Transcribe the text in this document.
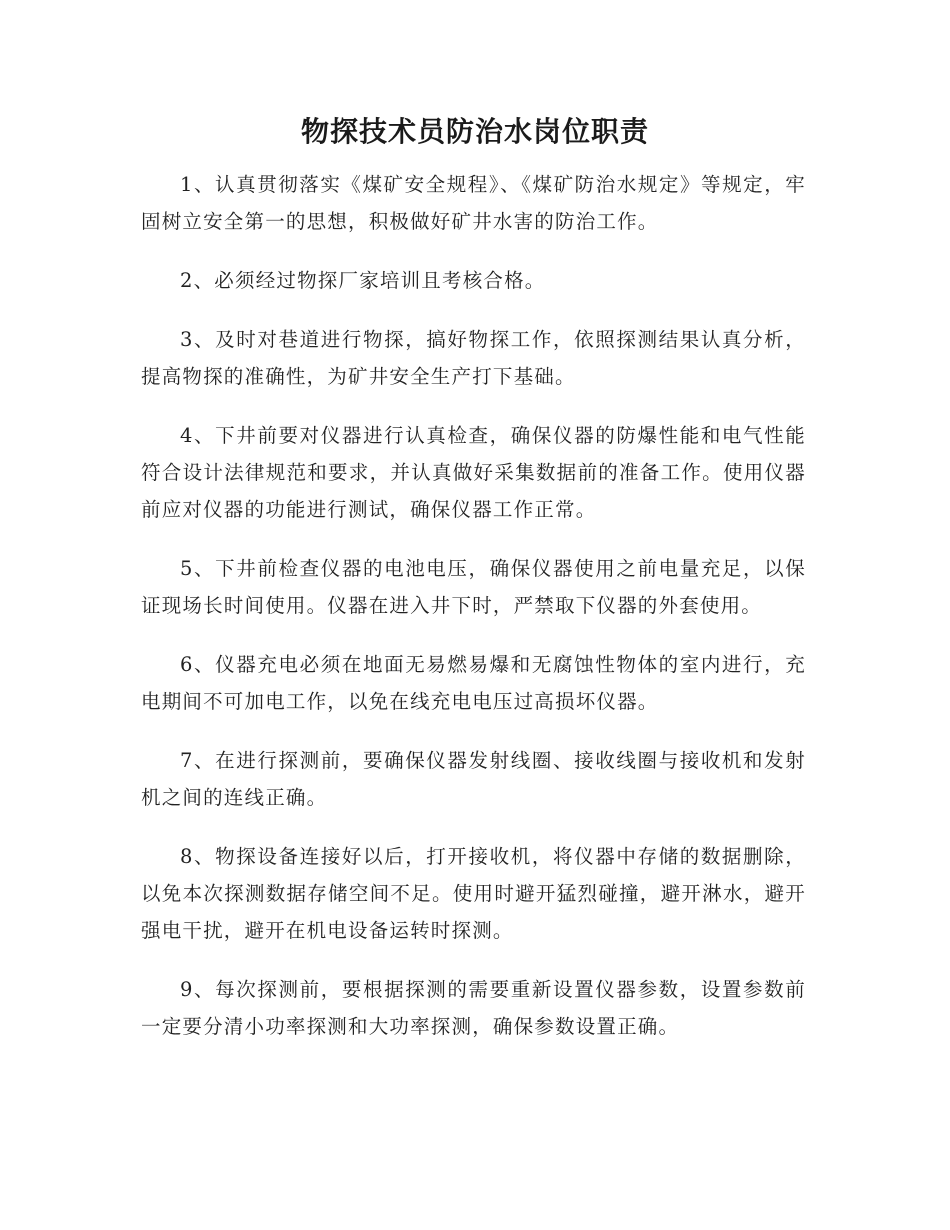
物探技术员防治水岗位职责

1、认真贯彻落实《煤矿安全规程》、《煤矿防治水规定》等规定，牢固树立安全第一的思想，积极做好矿井水害的防治工作。

2、必须经过物探厂家培训且考核合格。

3、及时对巷道进行物探，搞好物探工作，依照探测结果认真分析，提高物探的准确性，为矿井安全生产打下基础。

4、下井前要对仪器进行认真检查，确保仪器的防爆性能和电气性能符合设计法律规范和要求，并认真做好采集数据前的准备工作。使用仪器前应对仪器的功能进行测试，确保仪器工作正常。

5、下井前检查仪器的电池电压，确保仪器使用之前电量充足，以保证现场长时间使用。仪器在进入井下时，严禁取下仪器的外套使用。

6、仪器充电必须在地面无易燃易爆和无腐蚀性物体的室内进行，充电期间不可加电工作，以免在线充电电压过高损坏仪器。

7、在进行探测前，要确保仪器发射线圈、接收线圈与接收机和发射机之间的连线正确。

8、物探设备连接好以后，打开接收机，将仪器中存储的数据删除，以免本次探测数据存储空间不足。使用时避开猛烈碰撞，避开淋水，避开强电干扰，避开在机电设备运转时探测。

9、每次探测前，要根据探测的需要重新设置仪器参数，设置参数前一定要分清小功率探测和大功率探测，确保参数设置正确。
